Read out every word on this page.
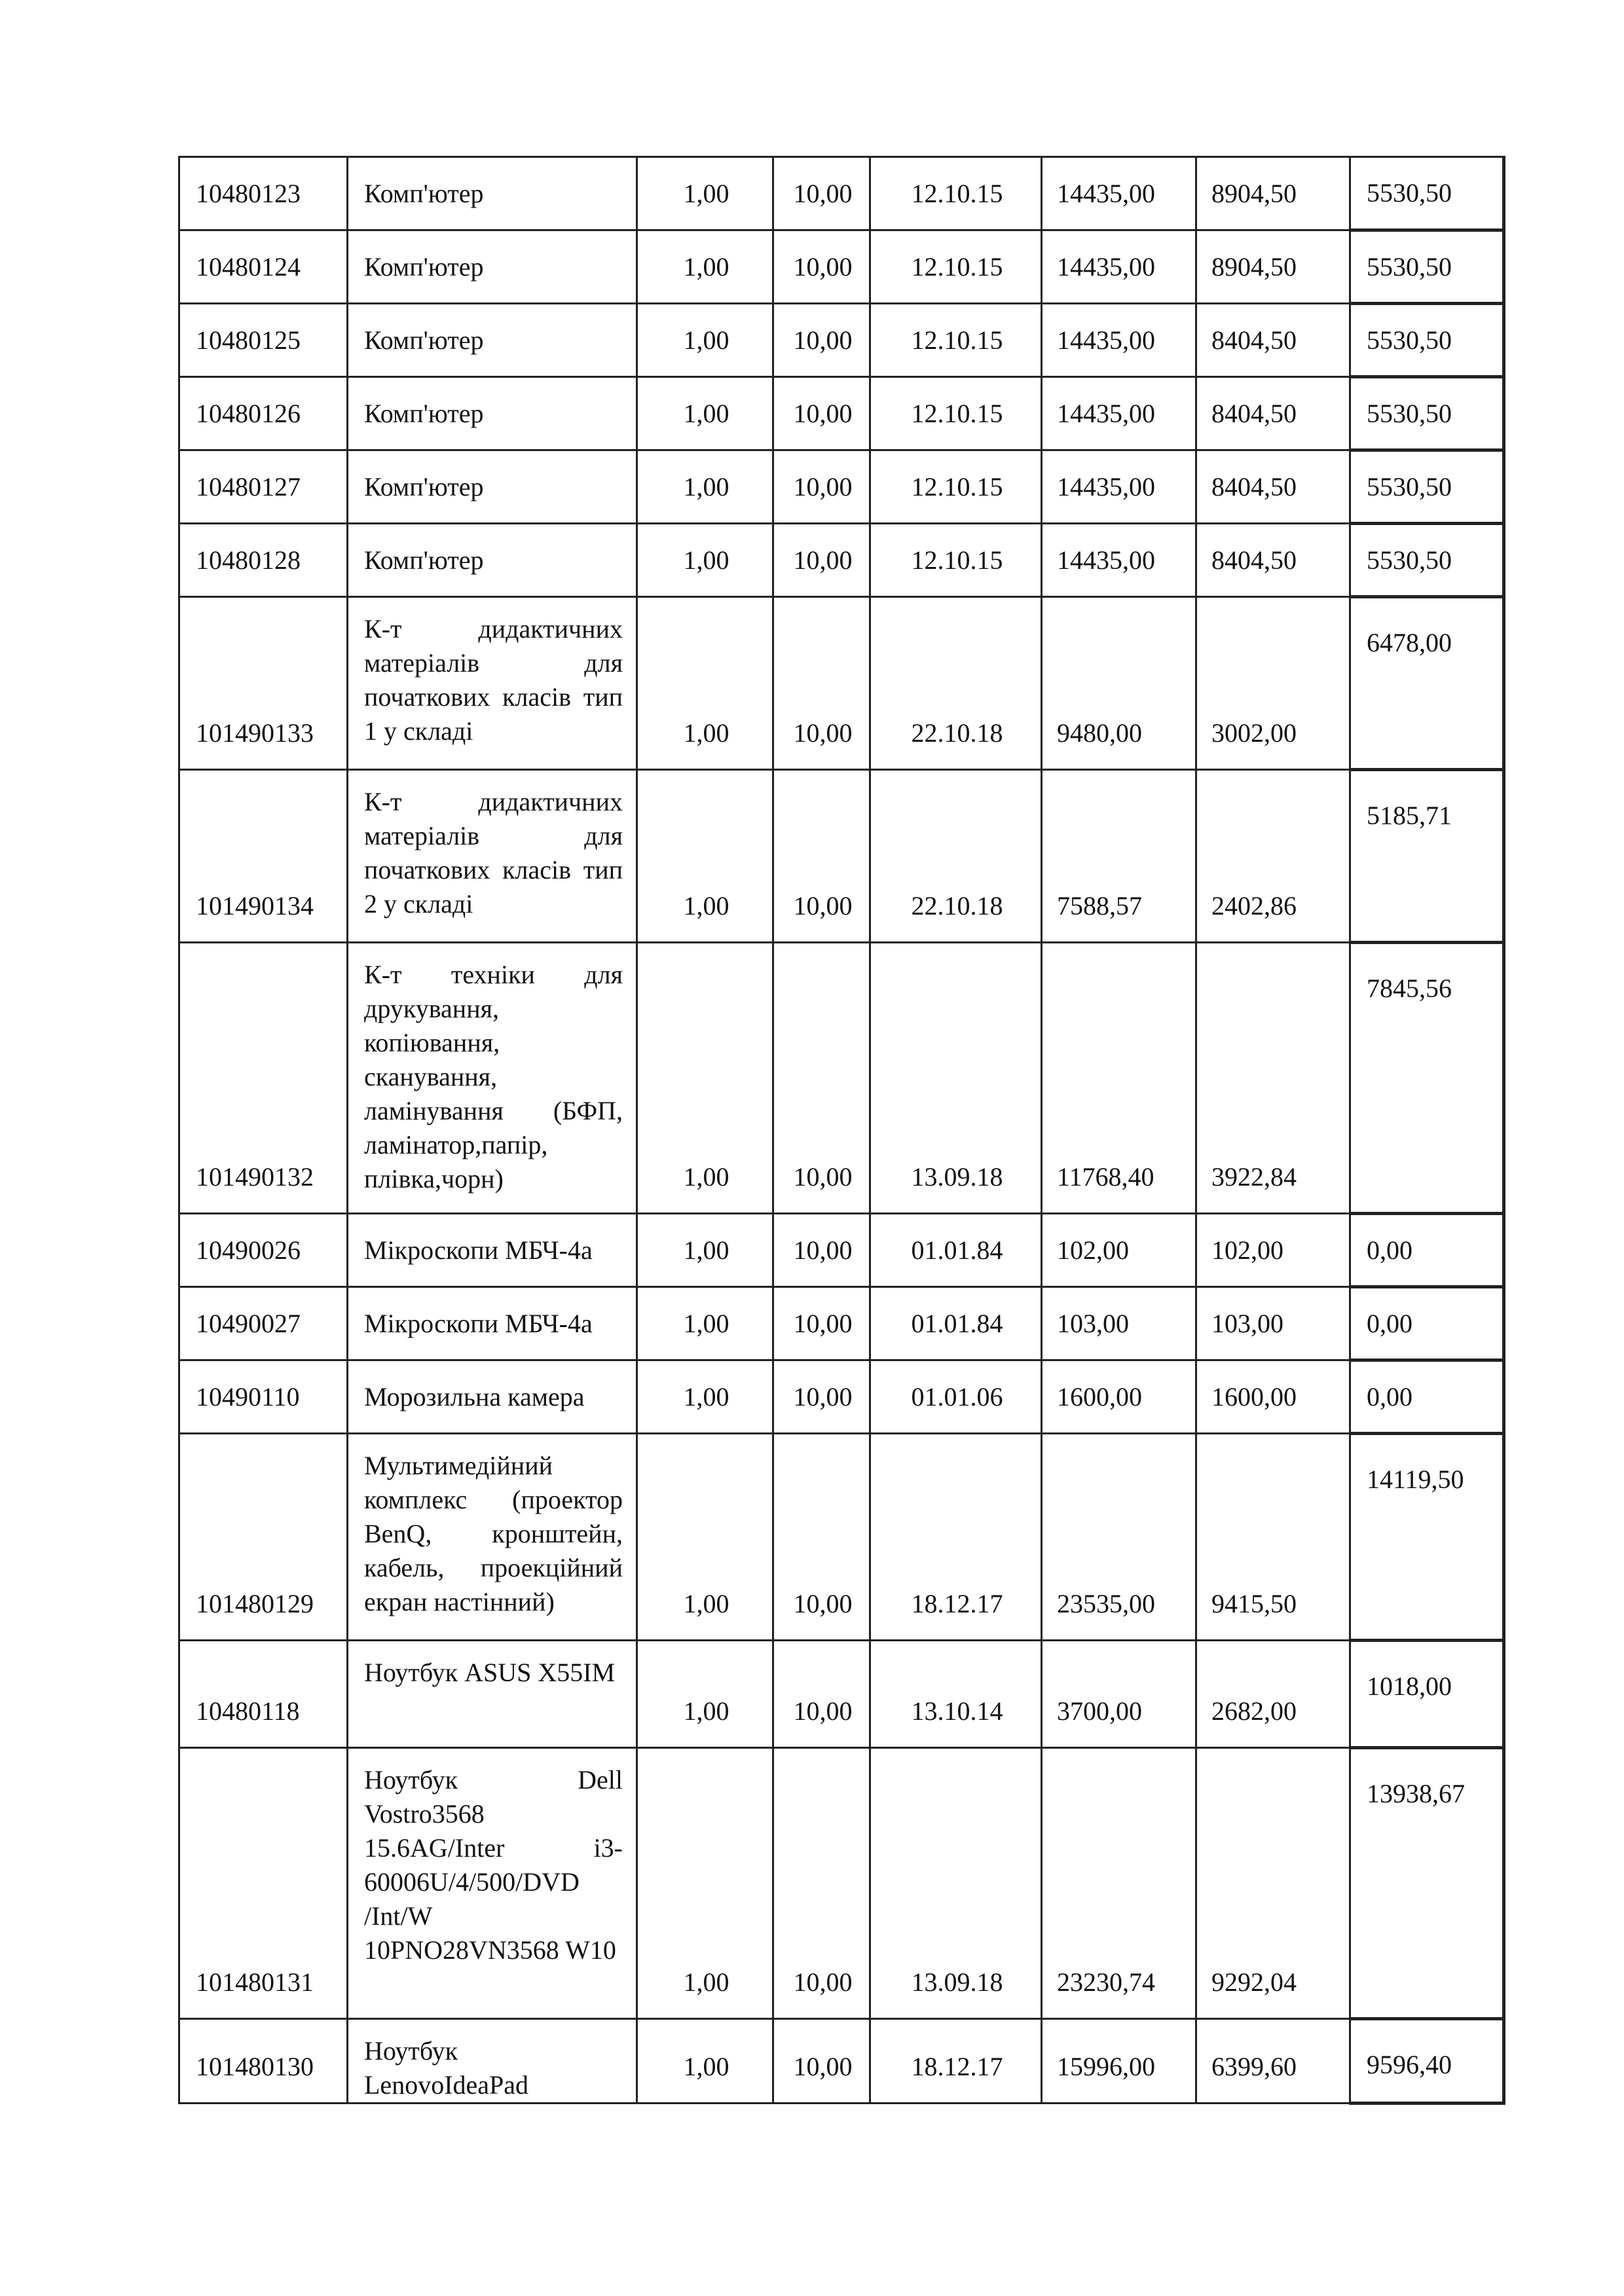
10480123	Комп'ютер	1,00	10,00	12.10.15	14435,00	8904,50	5530,50
10480124	Комп'ютер	1,00	10,00	12.10.15	14435,00	8904,50	5530,50
10480125	Комп'ютер	1,00	10,00	12.10.15	14435,00	8404,50	5530,50
10480126	Комп'ютер	1,00	10,00	12.10.15	14435,00	8404,50	5530,50
10480127	Комп'ютер	1,00	10,00	12.10.15	14435,00	8404,50	5530,50
10480128	Комп'ютер	1,00	10,00	12.10.15	14435,00	8404,50	5530,50
101490133	К-т дидактичних матеріалів для початкових класів тип 1 у складі	1,00	10,00	22.10.18	9480,00	3002,00	6478,00
101490134	К-т дидактичних матеріалів для початкових класів тип 2 у складі	1,00	10,00	22.10.18	7588,57	2402,86	5185,71
101490132	К-т техніки для друкування, копіювання, сканування, ламінування (БФП, ламінатор,папір, плівка,чорн)	1,00	10,00	13.09.18	11768,40	3922,84	7845,56
10490026	Мікроскопи МБЧ-4а	1,00	10,00	01.01.84	102,00	102,00	0,00
10490027	Мікроскопи МБЧ-4а	1,00	10,00	01.01.84	103,00	103,00	0,00
10490110	Морозильна камера	1,00	10,00	01.01.06	1600,00	1600,00	0,00
101480129	Мультимедійний комплекс (проектор BenQ, кронштейн, кабель, проекційний екран настінний)	1,00	10,00	18.12.17	23535,00	9415,50	14119,50
10480118	Ноутбук ASUS X55IM	1,00	10,00	13.10.14	3700,00	2682,00	1018,00
101480131	Ноутбук Dell Vostro3568 15.6AG/Inter i3-60006U/4/500/DVD /Int/W 10PNO28VN3568 W10	1,00	10,00	13.09.18	23230,74	9292,04	13938,67
101480130	Ноутбук LenovoIdeaPad	1,00	10,00	18.12.17	15996,00	6399,60	9596,40
